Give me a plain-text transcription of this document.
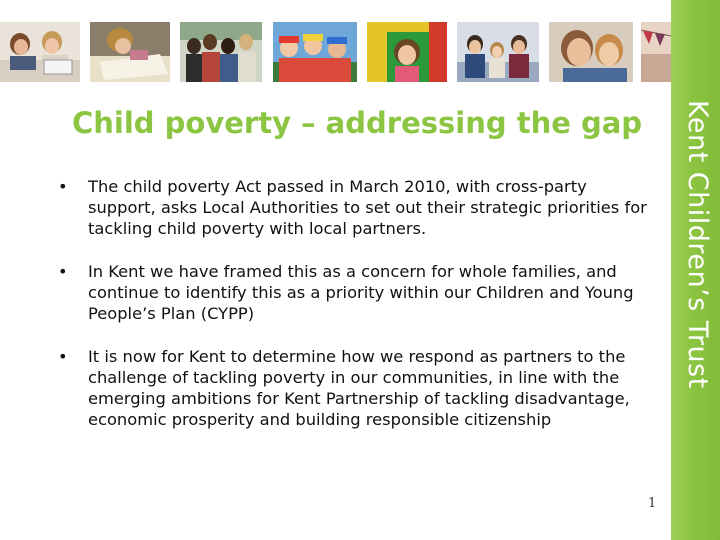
Kent Children’s Trust
Child poverty – addressing the gap
• The child poverty Act passed in March 2010, with cross-party support, asks Local Authorities to set out their strategic priorities for tackling child poverty with local partners.
• In Kent we have framed this as a concern for whole families, and continue to identify this as a priority within our Children and Young People’s Plan (CYPP)
• It is now for Kent to determine how we respond as partners to the challenge of tackling poverty in our communities, in line with the emerging ambitions for Kent Partnership of tackling disadvantage, economic prosperity and building responsible citizenship
1
